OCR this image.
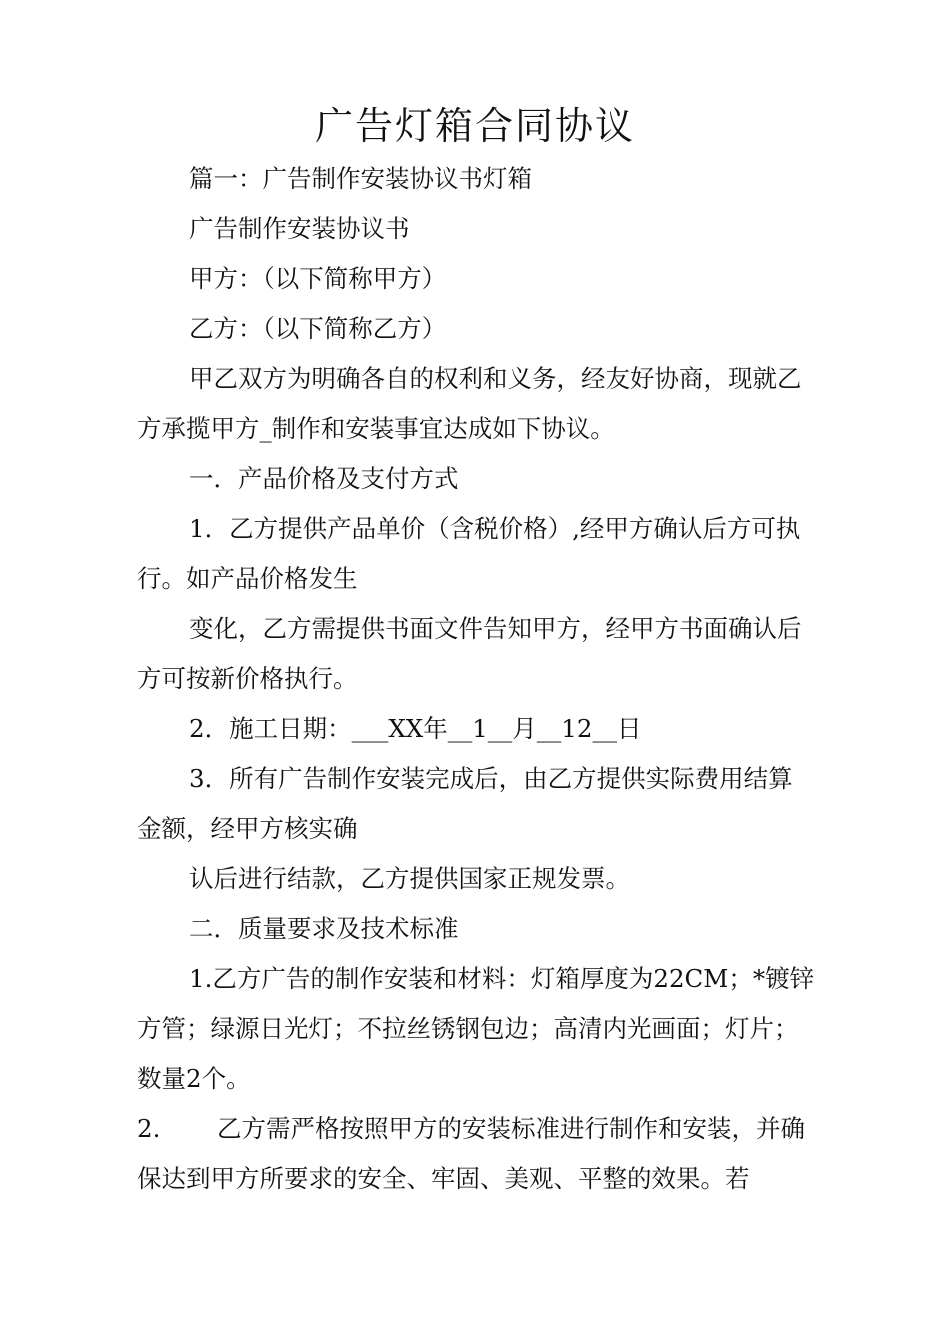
广告灯箱合同协议

篇一：广告制作安装协议书灯箱

广告制作安装协议书

甲方：（以下简称甲方）

乙方：（以下简称乙方）

甲乙双方为明确各自的权利和义务，经友好协商，现就乙方承揽甲方_制作和安装事宜达成如下协议。

一．产品价格及支付方式

1．乙方提供产品单价（含税价格）,经甲方确认后方可执行。如产品价格发生

变化，乙方需提供书面文件告知甲方，经甲方书面确认后方可按新价格执行。

2．施工日期：___XX年__1__月__12__日

3．所有广告制作安装完成后，由乙方提供实际费用结算金额，经甲方核实确

认后进行结款，乙方提供国家正规发票。

二．质量要求及技术标准

1.乙方广告的制作安装和材料：灯箱厚度为22CM；*镀锌方管；绿源日光灯；不拉丝锈钢包边；高清内光画面；灯片；数量2个。

2. 乙方需严格按照甲方的安装标准进行制作和安装，并确保达到甲方所要求的安全、牢固、美观、平整的效果。若
